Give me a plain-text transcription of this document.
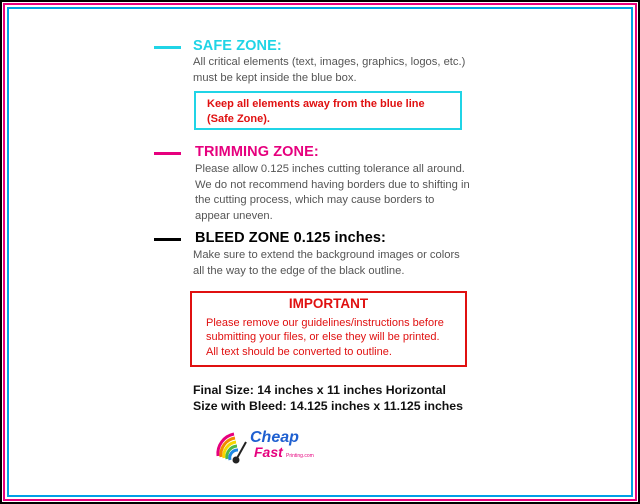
SAFE ZONE:
All critical elements (text, images, graphics, logos, etc.)
must be kept inside the blue box.
Keep all elements away from the blue line
(Safe Zone).
TRIMMING ZONE:
Please allow 0.125 inches cutting tolerance all around.
We do not recommend having borders due to shifting in
the cutting process, which may cause borders to
appear uneven.
BLEED ZONE 0.125 inches:
Make sure to extend the background images or colors
all the way to the edge of the black outline.
IMPORTANT
Please remove our guidelines/instructions before
submitting your files, or else they will be printed.
All text should be converted to outline.
Final Size: 14 inches x 11 inches Horizontal
Size with Bleed: 14.125 inches x 11.125 inches
Cheap
Fast Printing.com
